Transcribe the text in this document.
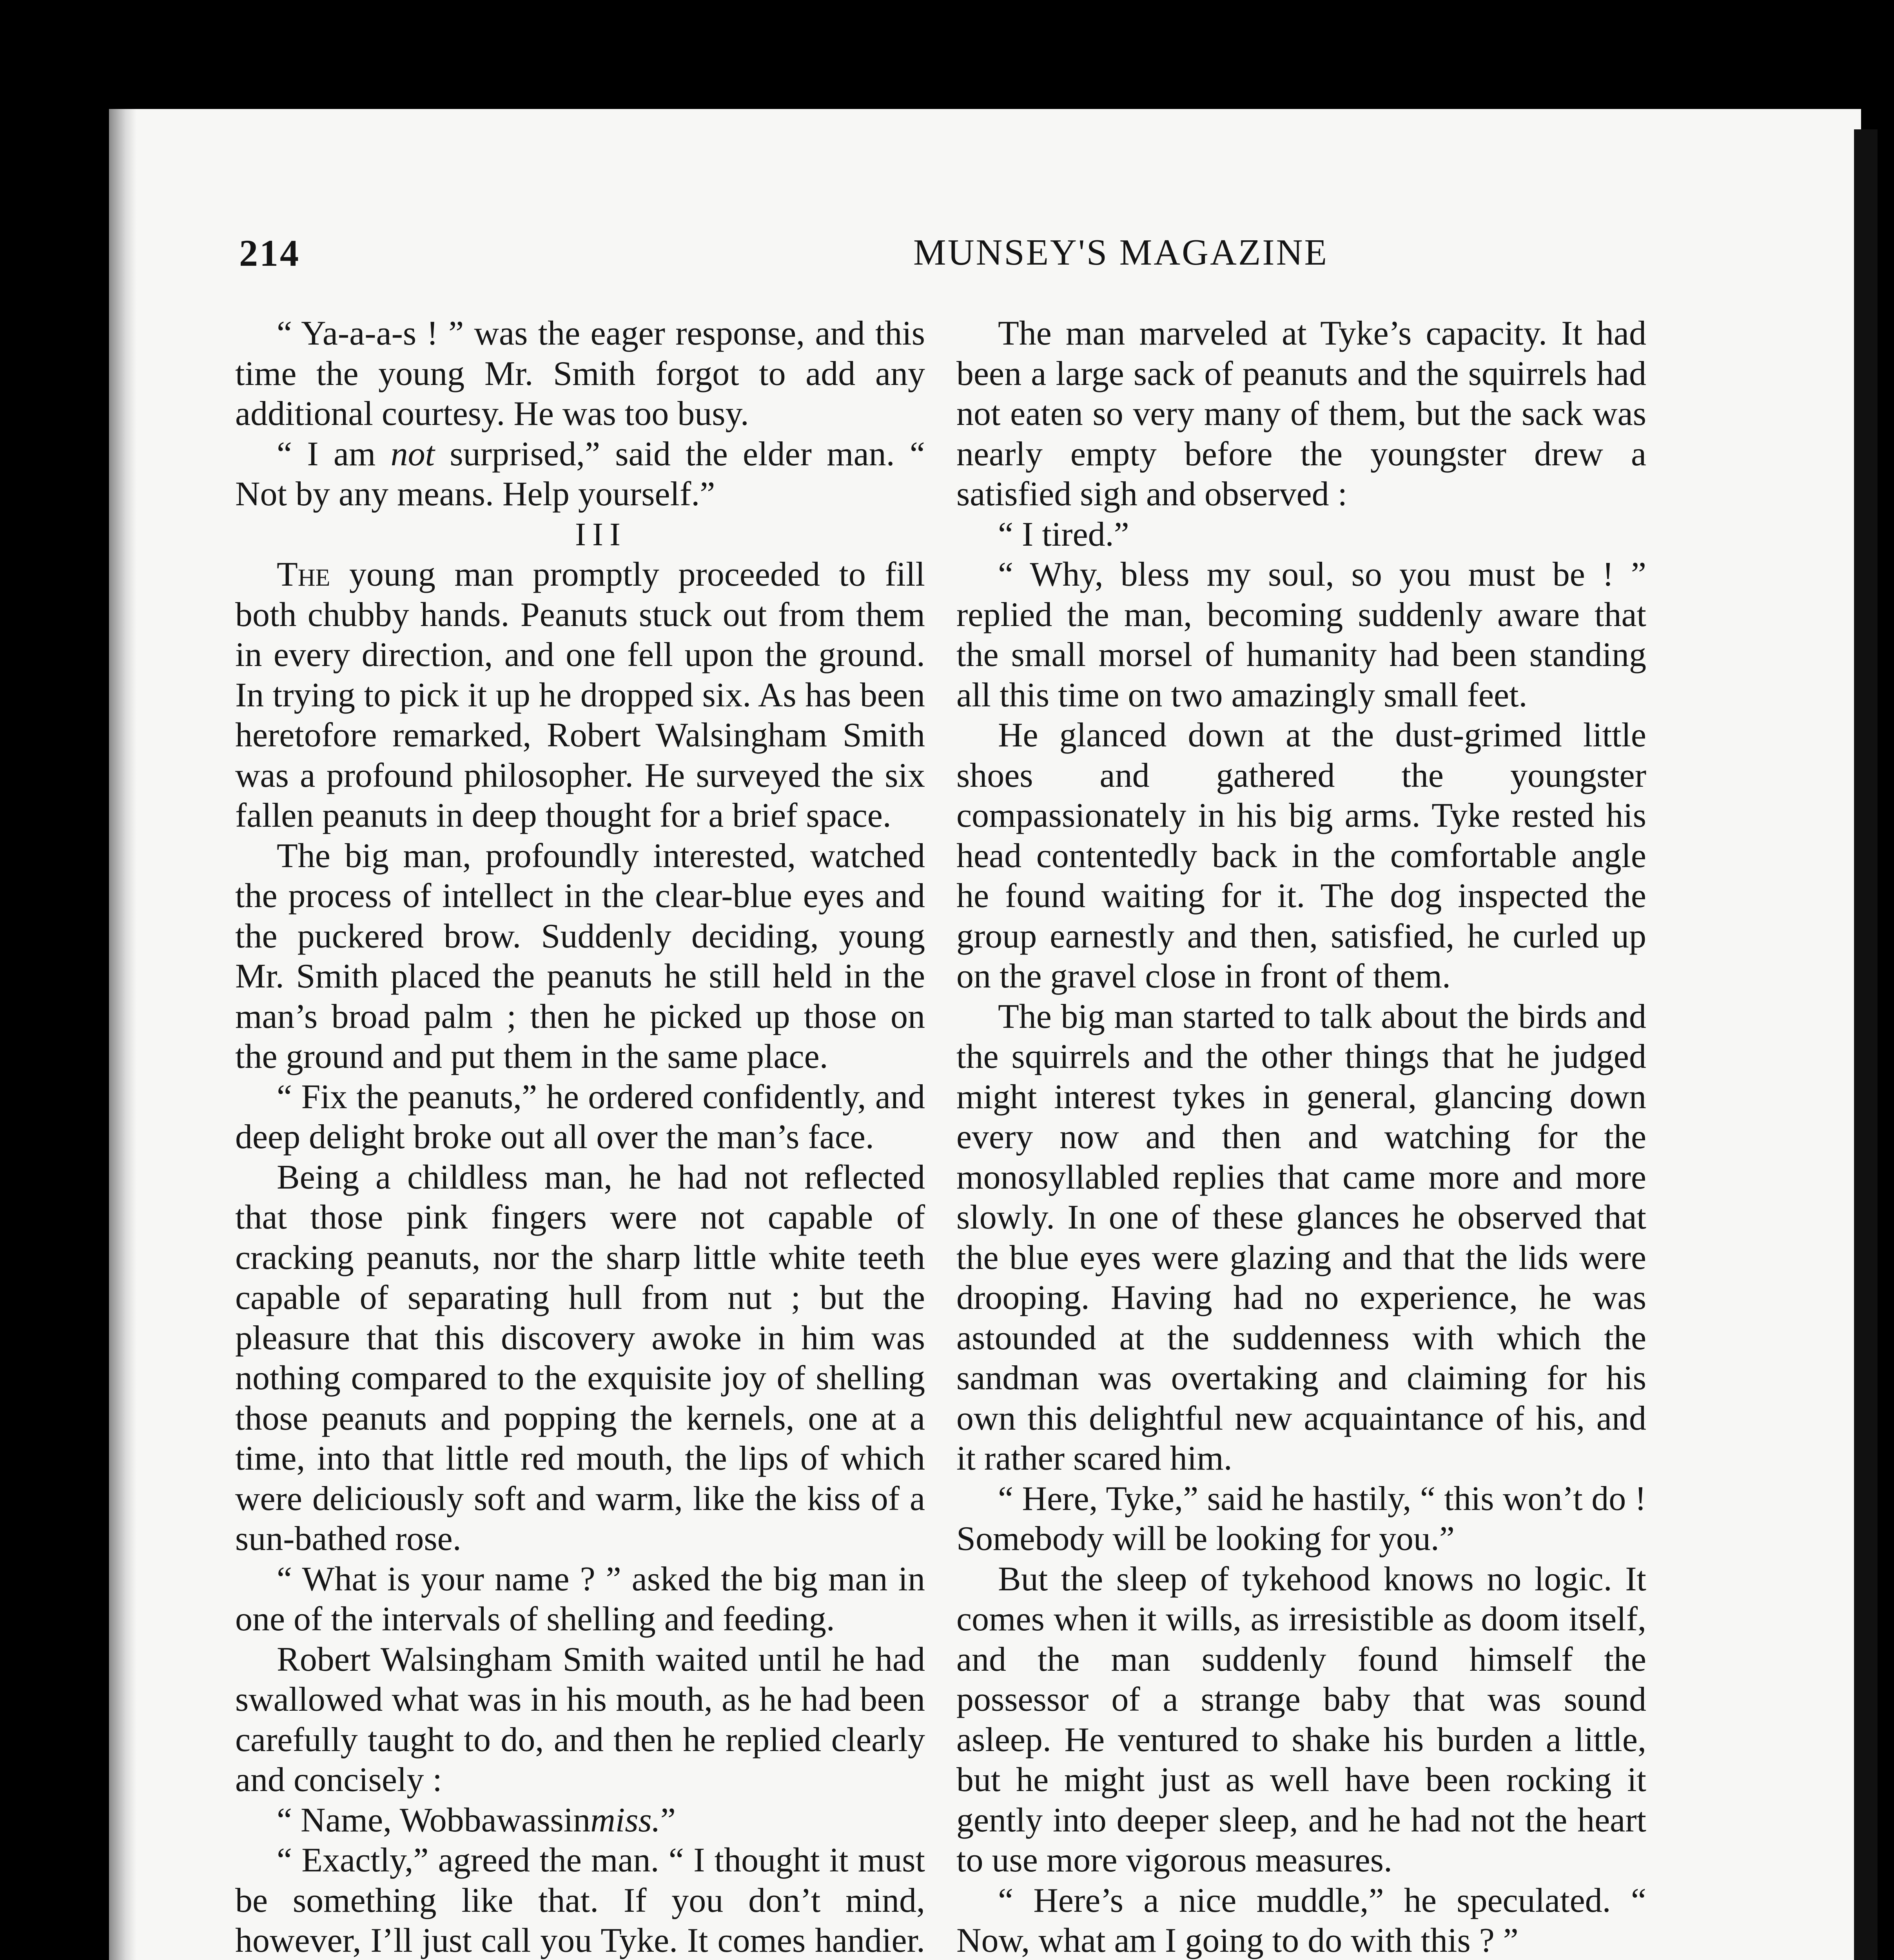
214	MUNSEY'S MAGAZINE

“ Ya-a-a-s ! ” was the eager response, and this time the young Mr. Smith forgot to add any additional courtesy. He was too busy.

“ I am not surprised,” said the elder man. “ Not by any means. Help yourself.”

III

The young man promptly proceeded to fill both chubby hands. Peanuts stuck out from them in every direction, and one fell upon the ground. In trying to pick it up he dropped six. As has been heretofore remarked, Robert Walsingham Smith was a profound philosopher. He surveyed the six fallen peanuts in deep thought for a brief space.

The big man, profoundly interested, watched the process of intellect in the clear-blue eyes and the puckered brow. Suddenly deciding, young Mr. Smith placed the peanuts he still held in the man’s broad palm ; then he picked up those on the ground and put them in the same place.

“ Fix the peanuts,” he ordered confidently, and deep delight broke out all over the man’s face.

Being a childless man, he had not reflected that those pink fingers were not capable of cracking peanuts, nor the sharp little white teeth capable of separating hull from nut ; but the pleasure that this discovery awoke in him was nothing compared to the exquisite joy of shelling those peanuts and popping the kernels, one at a time, into that little red mouth, the lips of which were deliciously soft and warm, like the kiss of a sun-bathed rose.

“ What is your name ? ” asked the big man in one of the intervals of shelling and feeding.

Robert Walsingham Smith waited until he had swallowed what was in his mouth, as he had been carefully taught to do, and then he replied clearly and concisely :

“ Name, Wobbawassinmiss.”

“ Exactly,” agreed the man. “ I thought it must be something like that. If you don’t mind, however, I’ll just call you Tyke. It comes handier.

The man marveled at Tyke’s capacity. It had been a large sack of peanuts and the squirrels had not eaten so very many of them, but the sack was nearly empty before the youngster drew a satisfied sigh and observed :

“ I tired.”

“ Why, bless my soul, so you must be ! ” replied the man, becoming suddenly aware that the small morsel of humanity had been standing all this time on two amazingly small feet.

He glanced down at the dust-grimed little shoes and gathered the youngster compassionately in his big arms. Tyke rested his head contentedly back in the comfortable angle he found waiting for it. The dog inspected the group earnestly and then, satisfied, he curled up on the gravel close in front of them.

The big man started to talk about the birds and the squirrels and the other things that he judged might interest tykes in general, glancing down every now and then and watching for the monosyllabled replies that came more and more slowly. In one of these glances he observed that the blue eyes were glazing and that the lids were drooping. Having had no experience, he was astounded at the suddenness with which the sandman was overtaking and claiming for his own this delightful new acquaintance of his, and it rather scared him.

“ Here, Tyke,” said he hastily, “ this won’t do ! Somebody will be looking for you.”

But the sleep of tykehood knows no logic. It comes when it wills, as irresistible as doom itself, and the man suddenly found himself the possessor of a strange baby that was sound asleep. He ventured to shake his burden a little, but he might just as well have been rocking it gently into deeper sleep, and he had not the heart to use more vigorous measures.

“ Here’s a nice muddle,” he speculated. “ Now, what am I going to do with this ? ”
